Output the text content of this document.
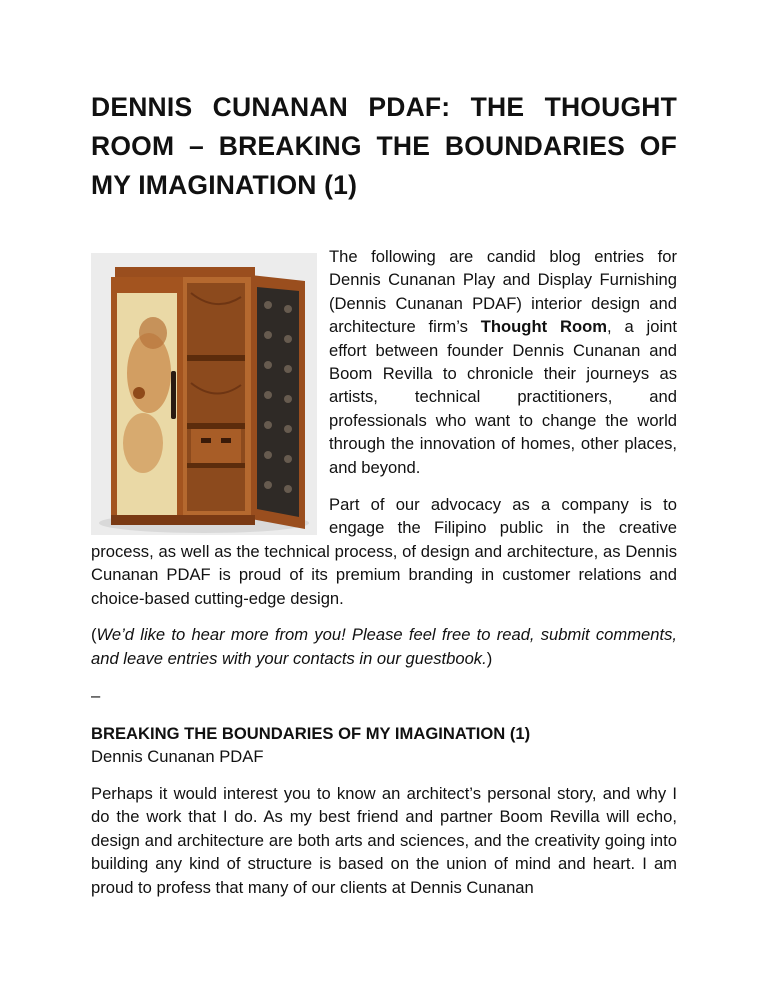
DENNIS CUNANAN PDAF: THE THOUGHT ROOM – BREAKING THE BOUNDARIES OF MY IMAGINATION (1)

The following are candid blog entries for Dennis Cunanan Play and Display Furnishing (Dennis Cunanan PDAF) interior design and architecture firm’s Thought Room, a joint effort between founder Dennis Cunanan and Boom Revilla to chronicle their journeys as artists, technical practitioners, and professionals who want to change the world through the innovation of homes, other places, and beyond.

Part of our advocacy as a company is to engage the Filipino public in the creative process, as well as the technical process, of design and architecture, as Dennis Cunanan PDAF is proud of its premium branding in customer relations and choice-based cutting-edge design.

(We’d like to hear more from you! Please feel free to read, submit comments, and leave entries with your contacts in our guestbook.)

–
BREAKING THE BOUNDARIES OF MY IMAGINATION (1)
Dennis Cunanan PDAF

Perhaps it would interest you to know an architect’s personal story, and why I do the work that I do. As my best friend and partner Boom Revilla will echo, design and architecture are both arts and sciences, and the creativity going into building any kind of structure is based on the union of mind and heart. I am proud to profess that many of our clients at Dennis Cunanan
